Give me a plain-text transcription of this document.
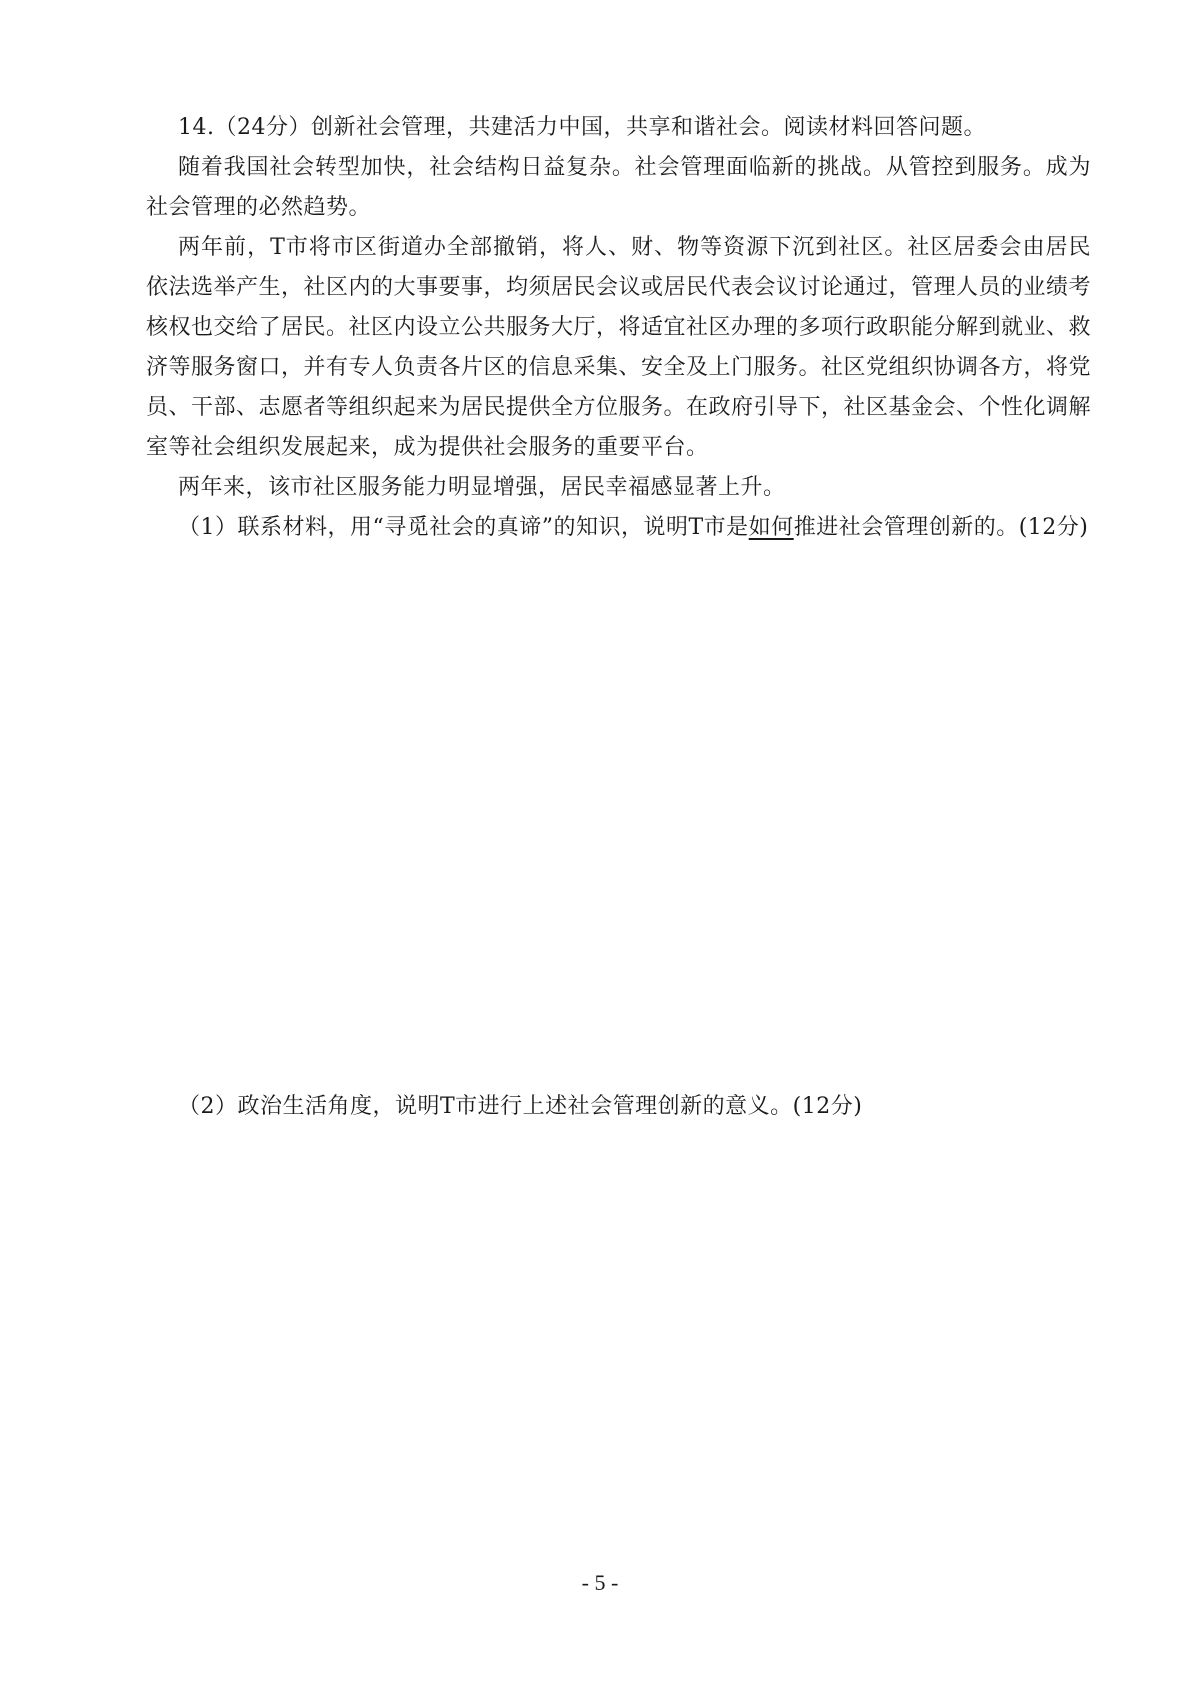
14.（24分）创新社会管理，共建活力中国，共享和谐社会。阅读材料回答问题。

随着我国社会转型加快，社会结构日益复杂。社会管理面临新的挑战。从管控到服务。成为社会管理的必然趋势。

两年前，T市将市区街道办全部撤销，将人、财、物等资源下沉到社区。社区居委会由居民依法选举产生，社区内的大事要事，均须居民会议或居民代表会议讨论通过，管理人员的业绩考核权也交给了居民。社区内设立公共服务大厅，将适宜社区办理的多项行政职能分解到就业、救济等服务窗口，并有专人负责各片区的信息采集、安全及上门服务。社区党组织协调各方，将党员、干部、志愿者等组织起来为居民提供全方位服务。在政府引导下，社区基金会、个性化调解室等社会组织发展起来，成为提供社会服务的重要平台。

两年来，该市社区服务能力明显增强，居民幸福感显著上升。

（1）联系材料，用“寻觅社会的真谛”的知识，说明T市是如何推进社会管理创新的。(12分)

（2）政治生活角度，说明T市进行上述社会管理创新的意义。(12分)

- 5 -
